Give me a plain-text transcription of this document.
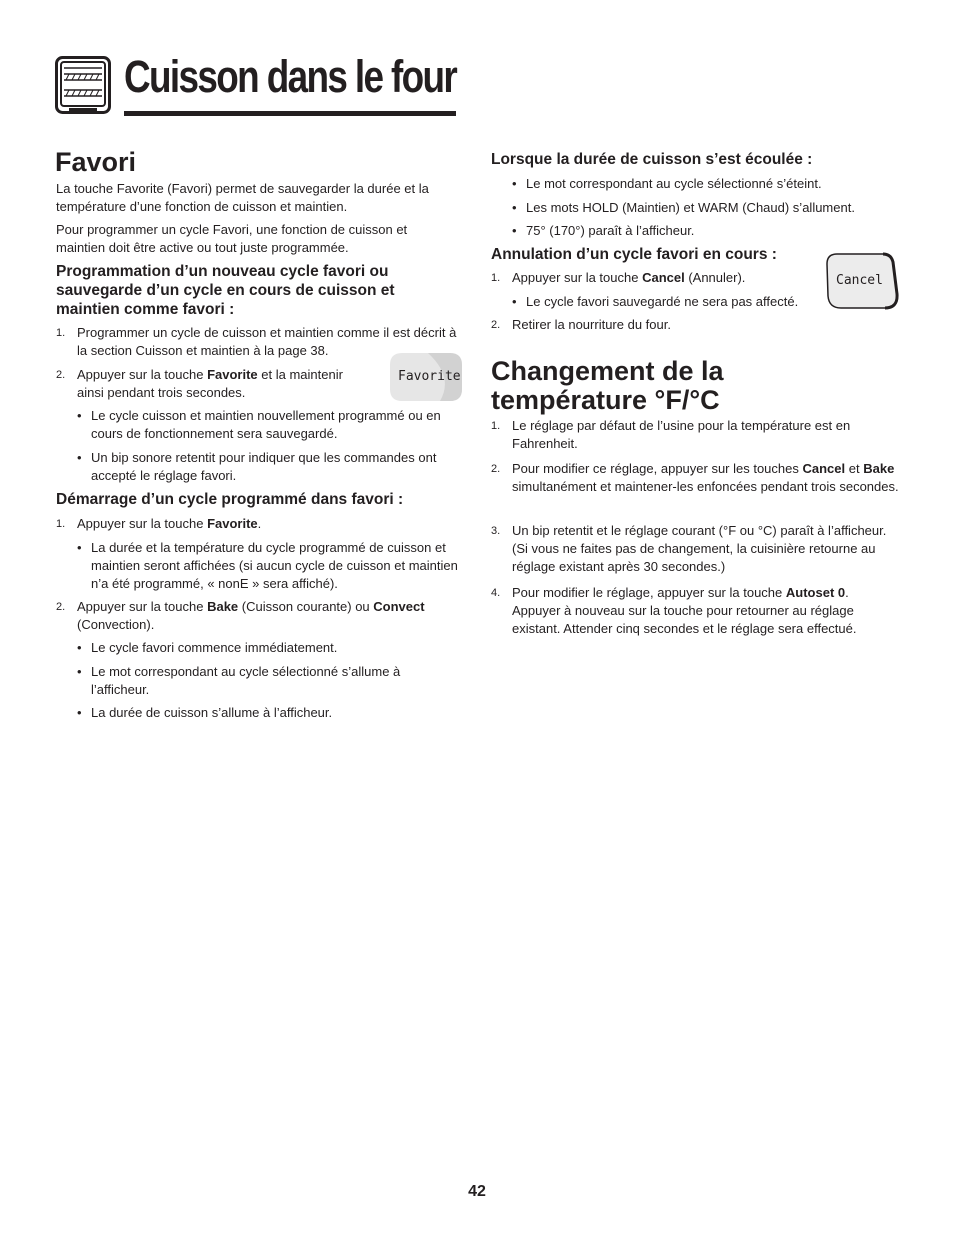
Cuisson dans le four
Favori
La touche Favorite (Favori) permet de sauvegarder la durée et la température d’une fonction de cuisson et maintien.
Pour programmer un cycle Favori, une fonction de cuisson et maintien doit être active ou tout juste programmée.
Programmation d’un nouveau cycle favori ou sauvegarde d’un cycle en cours de cuisson et maintien comme favori :
1. Programmer un cycle de cuisson et maintien comme il est décrit à la section Cuisson et maintien à la page 38.
2. Appuyer sur la touche Favorite et la maintenir ainsi pendant trois secondes.
Favorite
• Le cycle cuisson et maintien nouvellement programmé ou en cours de fonctionnement sera sauvegardé.
• Un bip sonore retentit pour indiquer que les commandes ont accepté le réglage favori.
Démarrage d’un cycle programmé dans favori :
1. Appuyer sur la touche Favorite.
• La durée et la température du cycle programmé de cuisson et maintien seront affichées (si aucun cycle de cuisson et maintien n’a été programmé, « nonE » sera affiché).
2. Appuyer sur la touche Bake (Cuisson courante) ou Convect (Convection).
• Le cycle favori commence immédiatement.
• Le mot correspondant au cycle sélectionné s’allume à l’afficheur.
• La durée de cuisson s’allume à l’afficheur.
Lorsque la durée de cuisson s’est écoulée :
• Le mot correspondant au cycle sélectionné s’éteint.
• Les mots HOLD (Maintien) et WARM (Chaud) s’allument.
• 75° (170°) paraît à l’afficheur.
Annulation d’un cycle favori en cours :
1. Appuyer sur la touche Cancel (Annuler).	Cancel
• Le cycle favori sauvegardé ne sera pas affecté.
2. Retirer la nourriture du four.
Changement de la
température °F/°C
1. Le réglage par défaut de l’usine pour la température est en Fahrenheit.
2. Pour modifier ce réglage, appuyer sur les touches Cancel et Bake simultanément et maintener-les enfoncées pendant trois secondes.
3. Un bip retentit et le réglage courant (°F ou °C) paraît à l’afficheur. (Si vous ne faites pas de changement, la cuisinière retourne au réglage existant après 30 secondes.)
4. Pour modifier le réglage, appuyer sur la touche Autoset 0. Appuyer à nouveau sur la touche pour retourner au réglage existant. Attender cinq secondes et le réglage sera effectué.
42
